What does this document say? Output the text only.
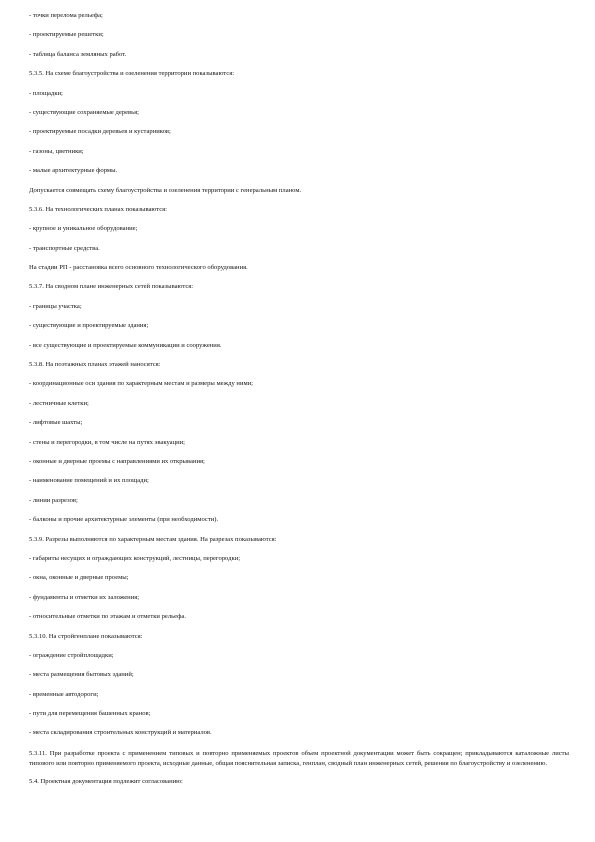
- точки перелома рельефа;
- проектируемые решетки;
- таблица баланса земляных работ.
5.3.5. На схеме благоустройства и озеленения территории показываются:
- площадки;
- существующие сохраняемые деревья;
- проектируемые посадки деревьев и кустарников;
- газоны, цветники;
- малые архитектурные формы.
Допускается совмещать схему благоустройства и озеленения территории с генеральным планом.
5.3.6. На технологических планах показываются:
- крупное и уникальное оборудование;
- транспортные средства.
На стадии РП - расстановка всего основного технологического оборудования.
5.3.7. На сводном плане инженерных сетей показываются:
- границы участка;
- существующие и проектируемые здания;
- все существующие и проектируемые коммуникации и сооружения.
5.3.8. На поэтажных планах этажей наносятся:
- координационные оси здания по характерным местам и размеры между ними;
- лестничные клетки;
- лифтовые шахты;
- стены и перегородки, в том числе на путях эвакуации;
- оконные и дверные проемы с направлениями их открывания;
- наименование помещений и их площади;
- линии разрезов;
- балконы и прочие архитектурные элементы (при необходимости).
5.3.9. Разрезы выполняются по характерным местам здания. На разрезах показываются:
- габариты несущих и ограждающих конструкций, лестницы, перегородки;
- окна, оконные и дверные проемы;
- фундаменты и отметки их заложения;
- относительные отметки по этажам и отметки рельефа.
5.3.10. На стройгенплане показываются:
- ограждение стройплощадки;
- места размещения бытовых зданий;
- временные автодороги;
- пути для перемещения башенных кранов;
- места складирования строительных конструкций и материалов.
5.3.11. При разработке проекта с применением типовых и повторно применяемых проектов объем проектной документации может быть сокращен; прикладываются каталожные листы типового или повторно применяемого проекта, исходные данные, общая пояснительная записка, генплан, сводный план инженерных сетей, решения по благоустройству и озеленению.
5.4. Проектная документация подлежит согласованию:
